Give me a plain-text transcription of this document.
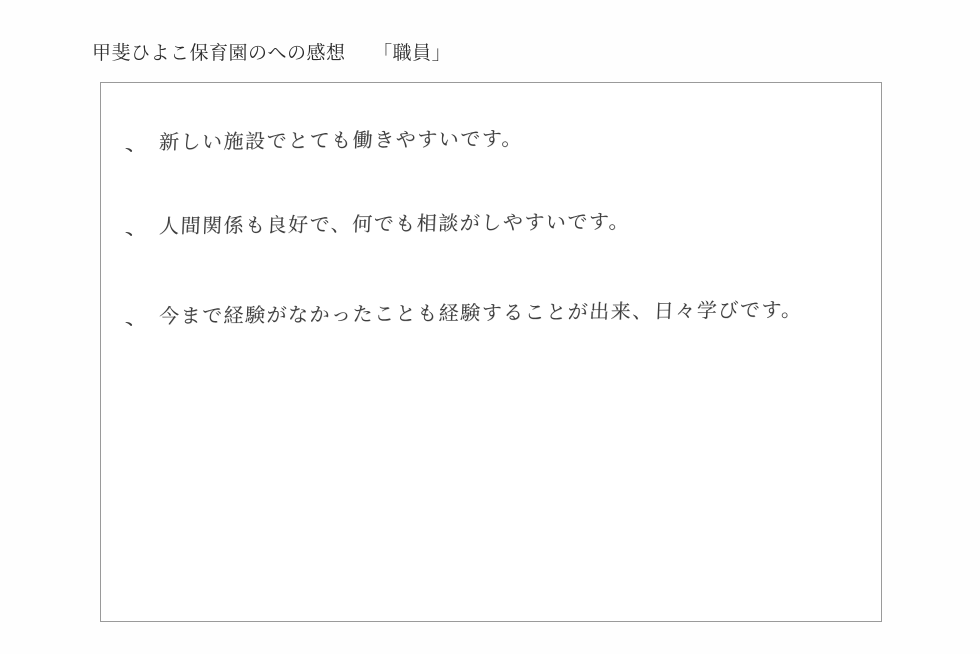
甲斐ひよこ保育園のへの感想 「職員」
、 新しい施設でとても働きやすいです。
、 人間関係も良好で、何でも相談がしやすいです。
、 今まで経験がなかったことも経験することが出来、日々学びです。
